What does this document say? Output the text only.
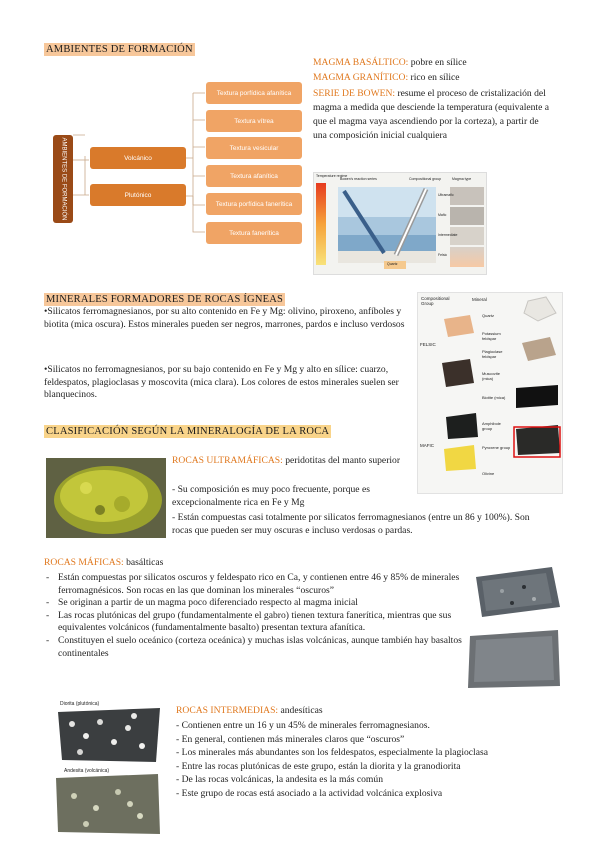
AMBIENTES DE FORMACIÓN
AMBIENTES DE FORMACIÓN	Volcánico
Plutónico
Textura porfídica afanítica
Textura vítrea
Textura vesicular
Textura afanítica
Textura porfídica fanerítica
Textura fanerítica
MAGMA BASÁLTICO: pobre en sílice
MAGMA GRANÍTICO: rico en sílice
SERIE DE BOWEN: resume el proceso de cristalización del magma a medida que desciende la temperatura (equivalente a que el magma vaya ascendiendo por la corteza), a partir de una composición inicial cualquiera
Temperature regime
Bowen's reaction series	Compositional group	Magma type
Ultramafic
Mafic
Intermediate
Felsic
Quartz
MINERALES FORMADORES DE ROCAS ÍGNEAS
•Silicatos ferromagnesianos, por su alto contenido en Fe y Mg: olivino, piroxeno, anfíboles y biotita (mica oscura). Estos minerales pueden ser negros, marrones, pardos e incluso verdosos
•Silicatos no ferromagnesianos, por su bajo contenido en Fe y Mg y alto en sílice: cuarzo, feldespatos, plagioclasas y moscovita (mica clara). Los colores de estos minerales suelen ser blanquecinos.
Compositional Group
Mineral
FELSIC
MAFIC
Quartz
Potassium feldspar
Plagioclase feldspar
Muscovite (mica)
Biotite (mica)
Amphibole group
Pyroxene group
Olivine
CLASIFICACIÓN SEGÚN LA MINERALOGÍA DE LA ROCA
ROCAS ULTRAMÁFICAS: peridotitas del manto superior
- Su composición es muy poco frecuente, porque es excepcionalmente rica en Fe y Mg
- Están compuestas casi totalmente por silicatos ferromagnesianos (entre un 86 y 100%). Son rocas que pueden ser muy oscuras e incluso verdosas o pardas.
ROCAS MÁFICAS: basálticas
- Están compuestas por silicatos oscuros y feldespato rico en Ca, y contienen entre 46 y 85% de minerales ferromagnésicos. Son rocas en las que dominan los minerales “oscuros”
- Se originan a partir de un magma poco diferenciado respecto al magma inicial
- Las rocas plutónicas del grupo (fundamentalmente el gabro) tienen textura fanerítica, mientras que sus equivalentes volcánicos (fundamentalmente basalto) presentan textura afanítica.
- Constituyen el suelo oceánico (corteza oceánica) y muchas islas volcánicas, aunque también hay basaltos continentales
Diorita (plutónica)
Andesita (volcánica)
ROCAS INTERMEDIAS: andesíticas
- Contienen entre un 16 y un 45% de minerales ferromagnesianos.
- En general, contienen más minerales claros que “oscuros”
- Los minerales más abundantes son los feldespatos, especialmente la plagioclasa
- Entre las rocas plutónicas de este grupo, están la diorita y la granodiorita
- De las rocas volcánicas, la andesita es la más común
- Este grupo de rocas está asociado a la actividad volcánica explosiva
